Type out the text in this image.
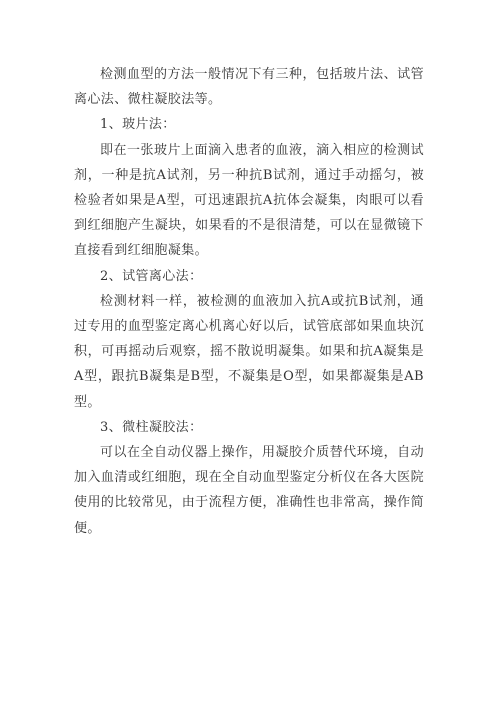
检测血型的方法一般情况下有三种，包括玻片法、试管离心法、微柱凝胶法等。

1、玻片法：

即在一张玻片上面滴入患者的血液，滴入相应的检测试剂，一种是抗A试剂，另一种抗B试剂，通过手动摇匀，被检验者如果是A型，可迅速跟抗A抗体会凝集，肉眼可以看到红细胞产生凝块，如果看的不是很清楚，可以在显微镜下直接看到红细胞凝集。

2、试管离心法：

检测材料一样，被检测的血液加入抗A或抗B试剂，通过专用的血型鉴定离心机离心好以后，试管底部如果血块沉积，可再摇动后观察，摇不散说明凝集。如果和抗A凝集是A型，跟抗B凝集是B型，不凝集是O型，如果都凝集是AB型。

3、微柱凝胶法：

可以在全自动仪器上操作，用凝胶介质替代环境，自动加入血清或红细胞，现在全自动血型鉴定分析仪在各大医院使用的比较常见，由于流程方便，准确性也非常高，操作简便。
